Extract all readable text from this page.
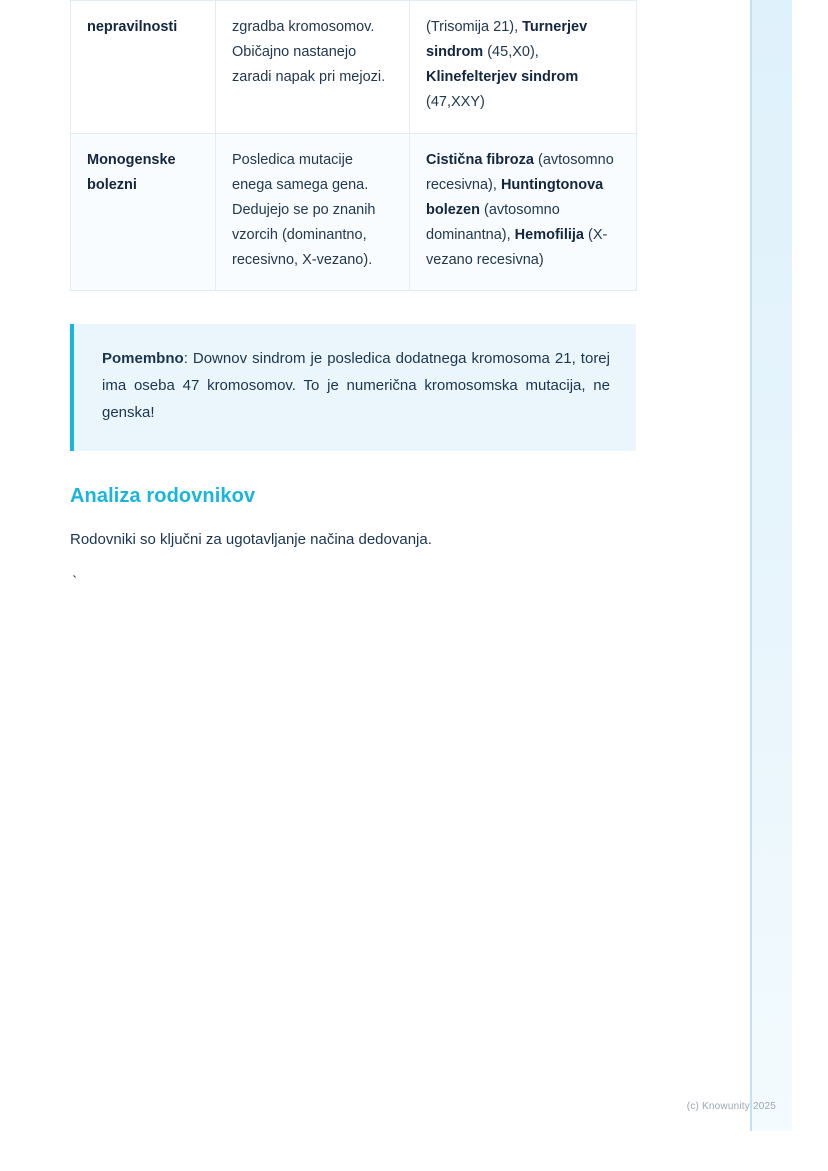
nepravilnosti	zgradba kromosomov. Običajno nastanejo zaradi napak pri mejozi.	(Trisomija 21), Turnerjev sindrom (45,X0), Klinefelterjev sindrom (47,XXY)
Monogenske bolezni	Posledica mutacije enega samega gena. Dedujejo se po znanih vzorcih (dominantno, recesivno, X-vezano).	Cistična fibroza (avtosomno recesivna), Huntingtonova bolezen (avtosomno dominantna), Hemofilija (X-vezano recesivna)
Pomembno: Downov sindrom je posledica dodatnega kromosoma 21, torej ima oseba 47 kromosomov. To je numerična kromosomska mutacija, ne genska!
Analiza rodovnikov

Rodovniki so ključni za ugotavljanje načina dedovanja.

`

(c) Knowunity 2025
